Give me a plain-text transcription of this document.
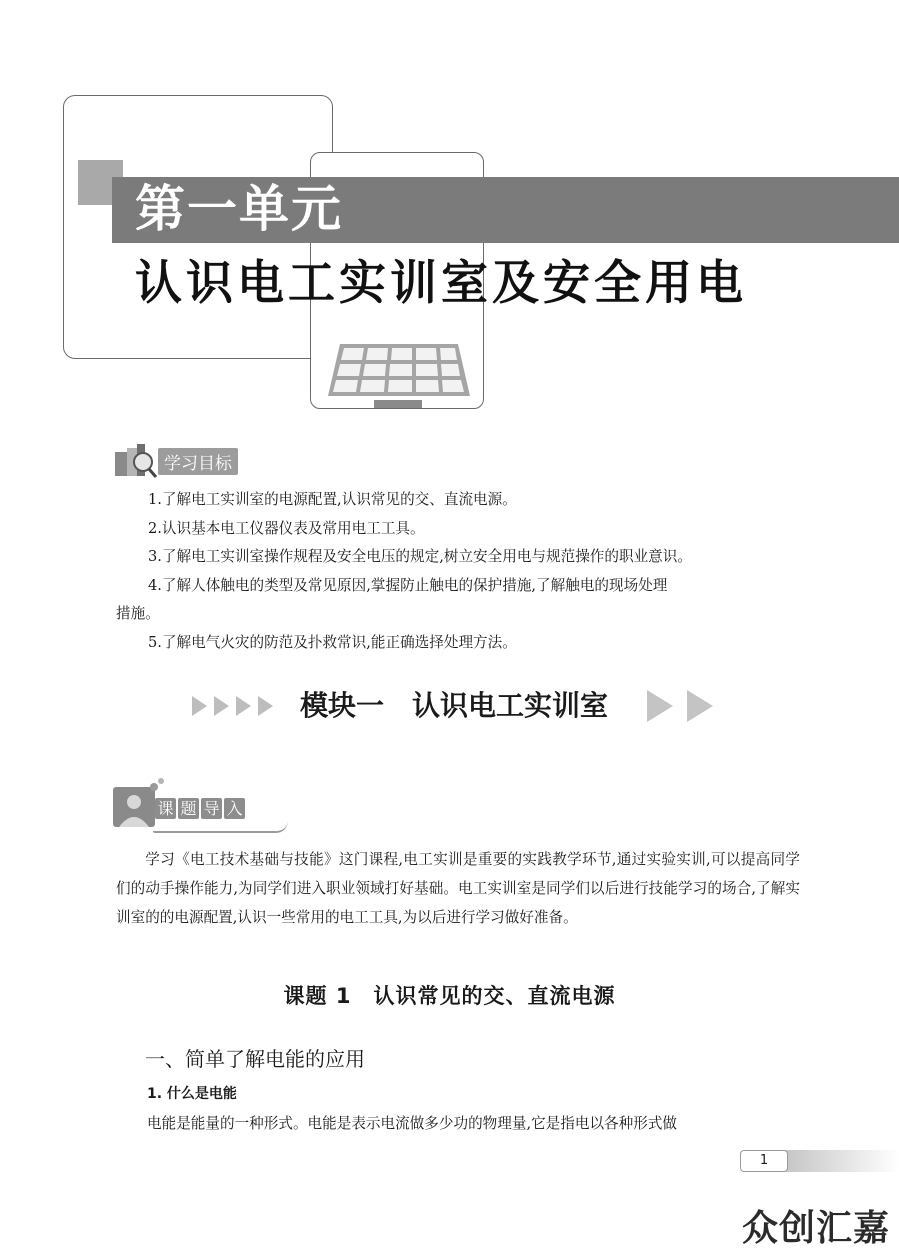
第一单元
认识电工实训室及安全用电
学习目标

1.了解电工实训室的电源配置,认识常见的交、直流电源。

2.认识基本电工仪器仪表及常用电工工具。

3.了解电工实训室操作规程及安全电压的规定,树立安全用电与规范操作的职业意识。

4.了解人体触电的类型及常见原因,掌握防止触电的保护措施,了解触电的现场处理

措施。

5.了解电气火灾的防范及扑救常识,能正确选择处理方法。

模块一　认识电工实训室
课 题 导 入
学习《电工技术基础与技能》这门课程,电工实训是重要的实践教学环节,通过实验实训,可以提高同学们的动手操作能力,为同学们进入职业领域打好基础。电工实训室是同学们以后进行技能学习的场合,了解实训室的的电源配置,认识一些常用的电工工具,为以后进行学习做好准备。
课题 1　认识常见的交、直流电源
一、简单了解电能的应用
1. 什么是电能
电能是能量的一种形式。电能是表示电流做多少功的物理量,它是指电以各种形式做
1
众创汇嘉
